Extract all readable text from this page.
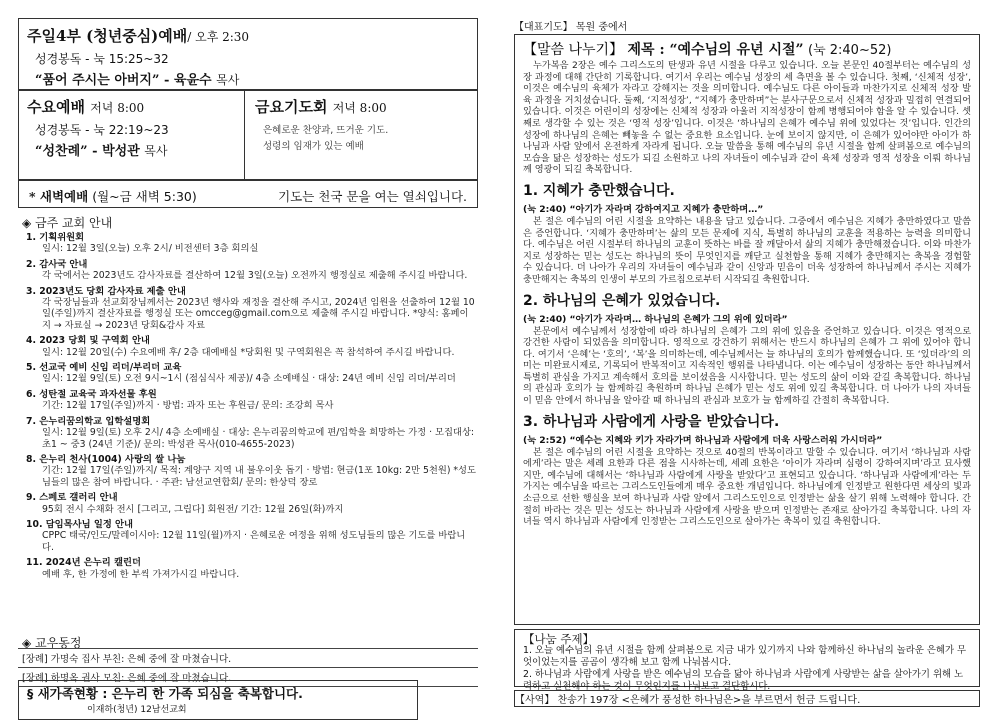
주일4부 (청년중심)예배/ 오후 2:30
성경봉독 - 눅 15:25~32
“품어 주시는 아버지” - 육윤수 목사
수요예배 저녁 8:00
성경봉독 - 눅 22:19~23
“성찬례” - 박성관 목사
금요기도회 저녁 8:00
은혜로운 찬양과, 뜨거운 기도.
성령의 임재가 있는 예배
* 새벽예배 (월~금 새벽 5:30)	기도는 천국 문을 여는 열쇠입니다.
◈ 금주 교회 안내
1. 기획위원회
일시: 12월 3일(오늘) 오후 2시/ 비전센터 3층 회의실
2. 감사국 안내
각 국에서는 2023년도 감사자료를 결산하여 12월 3일(오늘) 오전까지 행정실로 제출해 주시길 바랍니다.
3. 2023년도 당회 감사자료 제출 안내
각 국장님들과 선교회장님께서는 2023년 행사와 재정을 결산해 주시고, 2024년 임원을 선출하여 12월 10일(주일)까지 결산자료를 행정실 또는 omcceg@gmail.com으로 제출해 주시길 바랍니다. *양식: 홈페이지 → 자료실 → 2023년 당회&감사 자료
4. 2023 당회 및 구역회 안내
일시: 12월 20일(수) 수요예배 후/ 2층 대예배실 *당회원 및 구역회원은 꼭 참석하여 주시길 바랍니다.
5. 선교국 예비 신임 리더/부리더 교육
일시: 12월 9일(토) 오전 9시~1시 (점심식사 제공)/ 4층 소예배실 · 대상: 24년 예비 신임 리더/부리더
6. 성탄절 교육국 과자선물 후원
기간: 12월 17일(주일)까지 · 방법: 과자 또는 후원금/ 문의: 조강희 목사
7. 은누리꿈의학교 입학설명회
일시: 12월 9일(토) 오후 2시/ 4층 소예배실 · 대상: 은누리꿈의학교에 편/입학을 희망하는 가정 · 모집대상: 초1 ~ 중3 (24년 기준)/ 문의: 박성관 목사(010-4655-2023)
8. 은누리 천사(1004) 사랑의 쌀 나눔
기간: 12월 17일(주일)까지/ 목적: 계양구 지역 내 불우이웃 돕기 · 방법: 현금(1포 10kg: 2만 5천원) *성도님들의 많은 참여 바랍니다. · 주관: 남선교연합회/ 문의: 한상덕 장로
9. 스페로 갤러리 안내
95회 전시 수채화 전시 [그리고, 그립다] 회원전/ 기간: 12월 26일(화)까지
10. 담임목사님 일정 안내
CPPC 태국/인도/말레이시아: 12월 11일(월)까지 · 은혜로운 여정을 위해 성도님들의 많은 기도를 바랍니다.
11. 2024년 은누리 캘린더
예배 후, 한 가정에 한 부씩 가져가시길 바랍니다.
◈ 교우동정
[장례] 가명숙 집사 부친: 은혜 중에 잘 마쳤습니다.
[장례] 하명옥 권사 모친: 은혜 중에 잘 마쳤습니다.
§ 새가족현황 : 은누리 한 가족 되심을 축복합니다.
이재하(청년) 12남선교회
【대표기도】 목원 중에서
【말씀 나누기】 제목 : “예수님의 유년 시절” (눅 2:40~52)

누가복음 2장은 예수 그리스도의 탄생과 유년 시절을 다루고 있습니다. 오늘 본문인 40절부터는 예수님의 성장 과정에 대해 간단히 기록합니다. 여기서 우리는 예수님 성장의 세 측면을 볼 수 있습니다. 첫째, ‘신체적 성장’, 이것은 예수님의 육체가 자라고 강해지는 것을 의미합니다. 예수님도 다른 아이들과 마찬가지로 신체적 성장 발육 과정을 거치셨습니다. 둘째, ‘지적성장’, “지혜가 충만하며”는 분사구문으로서 신체적 성장과 밀접히 연결되어 있습니다. 이것은 어린이의 성장에는 신체적 성장과 아울러 지적성장이 함께 병행되어야 함을 알 수 있습니다. 셋째로 생각할 수 있는 것은 ‘영적 성장’입니다. 이것은 ‘하나님의 은혜가 예수님 위에 있었다는 것’입니다. 인간의 성장에 하나님의 은혜는 빼놓을 수 없는 중요한 요소입니다. 눈에 보이지 않지만, 이 은혜가 있어야만 아이가 하나님과 사람 앞에서 온전하게 자라게 됩니다. 오늘 말씀을 통해 예수님의 유년 시절을 함께 살펴봄으로 예수님의 모습을 닮은 성장하는 성도가 되길 소원하고 나의 자녀들이 예수님과 같이 육체 성장과 영적 성장을 이뤄 하나님께 영광이 되길 축복합니다.

1. 지혜가 충만했습니다.
(눅 2:40) “아기가 자라며 강하여지고 지혜가 충만하며…”

본 절은 예수님의 어린 시절을 요약하는 내용을 담고 있습니다. 그중에서 예수님은 지혜가 충만하였다고 말씀은 증언합니다. ‘지혜가 충만하며’는 삶의 모든 문제에 지식, 특별히 하나님의 교훈을 적용하는 능력을 의미합니다. 예수님은 어린 시절부터 하나님의 교훈이 뜻하는 바를 잘 깨달아서 삶의 지혜가 충만해졌습니다. 이와 마찬가지로 성장하는 믿는 성도는 하나님의 뜻이 무엇인지를 깨닫고 실천함을 통해 지혜가 충만해지는 축복을 경험할 수 있습니다. 더 나아가 우리의 자녀들이 예수님과 같이 신앙과 믿음이 더욱 성장하여 하나님께서 주시는 지혜가 충만해지는 축복의 인생이 부모의 가르침으로부터 시작되길 축원합니다.

2. 하나님의 은혜가 있었습니다.
(눅 2:40) “아기가 자라며… 하나님의 은혜가 그의 위에 있더라”

본문에서 예수님께서 성장함에 따라 하나님의 은혜가 그의 위에 있음을 증언하고 있습니다. 이것은 영적으로 강건한 사람이 되었음을 의미합니다. 영적으로 강건하기 위해서는 반드시 하나님의 은혜가 그 위에 있어야 합니다. 여기서 ‘은혜’는 ‘호의’, ‘복’을 의미하는데, 예수님께서는 늘 하나님의 호의가 함께했습니다. 또 ‘있더라’의 의미는 미완료시제로, 기록되어 반복적이고 지속적인 행위를 나타냅니다. 이는 예수님이 성장하는 동안 하나님께서 특별히 관심을 가지고 계속해서 호의를 보이셨음을 시사합니다. 믿는 성도의 삶이 이와 같길 축복합니다. 하나님의 관심과 호의가 늘 함께하길 축원하며 하나님 은혜가 믿는 성도 위에 있길 축복합니다. 더 나아가 나의 자녀들이 믿음 안에서 하나님을 알아갈 때 하나님의 관심과 보호가 늘 함께하길 간절히 축복합니다.

3. 하나님과 사람에게 사랑을 받았습니다.
(눅 2:52) “예수는 지혜와 키가 자라가며 하나님과 사람에게 더욱 사랑스러워 가시더라”

본 절은 예수님의 어린 시절을 요약하는 것으로 40절의 반복이라고 말할 수 있습니다. 여기서 ‘하나님과 사람에게’라는 말은 세례 요한과 다른 점을 시사하는데, 세례 요한은 ‘아이가 자라며 심령이 강하여지며’라고 묘사했지만, 예수님에 대해서는 ‘하나님과 사람에게 사랑을 받았다’고 표현되고 있습니다. ‘하나님과 사람에게’라는 두 가지는 예수님을 따르는 그리스도인들에게 매우 중요한 개념입니다. 하나님에게 인정받고 원한다면 세상의 빛과 소금으로 선한 행실을 보여 하나님과 사람 앞에서 그리스도인으로 인정받는 삶을 살기 위해 노력해야 합니다. 간절히 바라는 것은 믿는 성도는 하나님과 사람에게 사랑을 받으며 인정받는 존재로 살아가길 축복합니다. 나의 자녀들 역시 하나님과 사람에게 인정받는 그리스도인으로 살아가는 축복이 있길 축원합니다.

【나눔 주제】
1. 오늘 예수님의 유년 시절을 함께 살펴봄으로 지금 내가 있기까지 나와 함께하신 하나님의 놀라운 은혜가 무엇이었는지를 곰곰이 생각해 보고 함께 나눠봅시다.
2. 하나님과 사람에게 사랑을 받은 예수님의 모습을 닮아 하나님과 사람에게 사랑받는 삶을 살아가기 위해 노력하고 실천해야 하는 것이 무엇인지를 나눠보고 결단합시다.
【사역】 찬송가 197장 <은혜가 풍성한 하나님은>을 부르면서 헌금 드립니다.
